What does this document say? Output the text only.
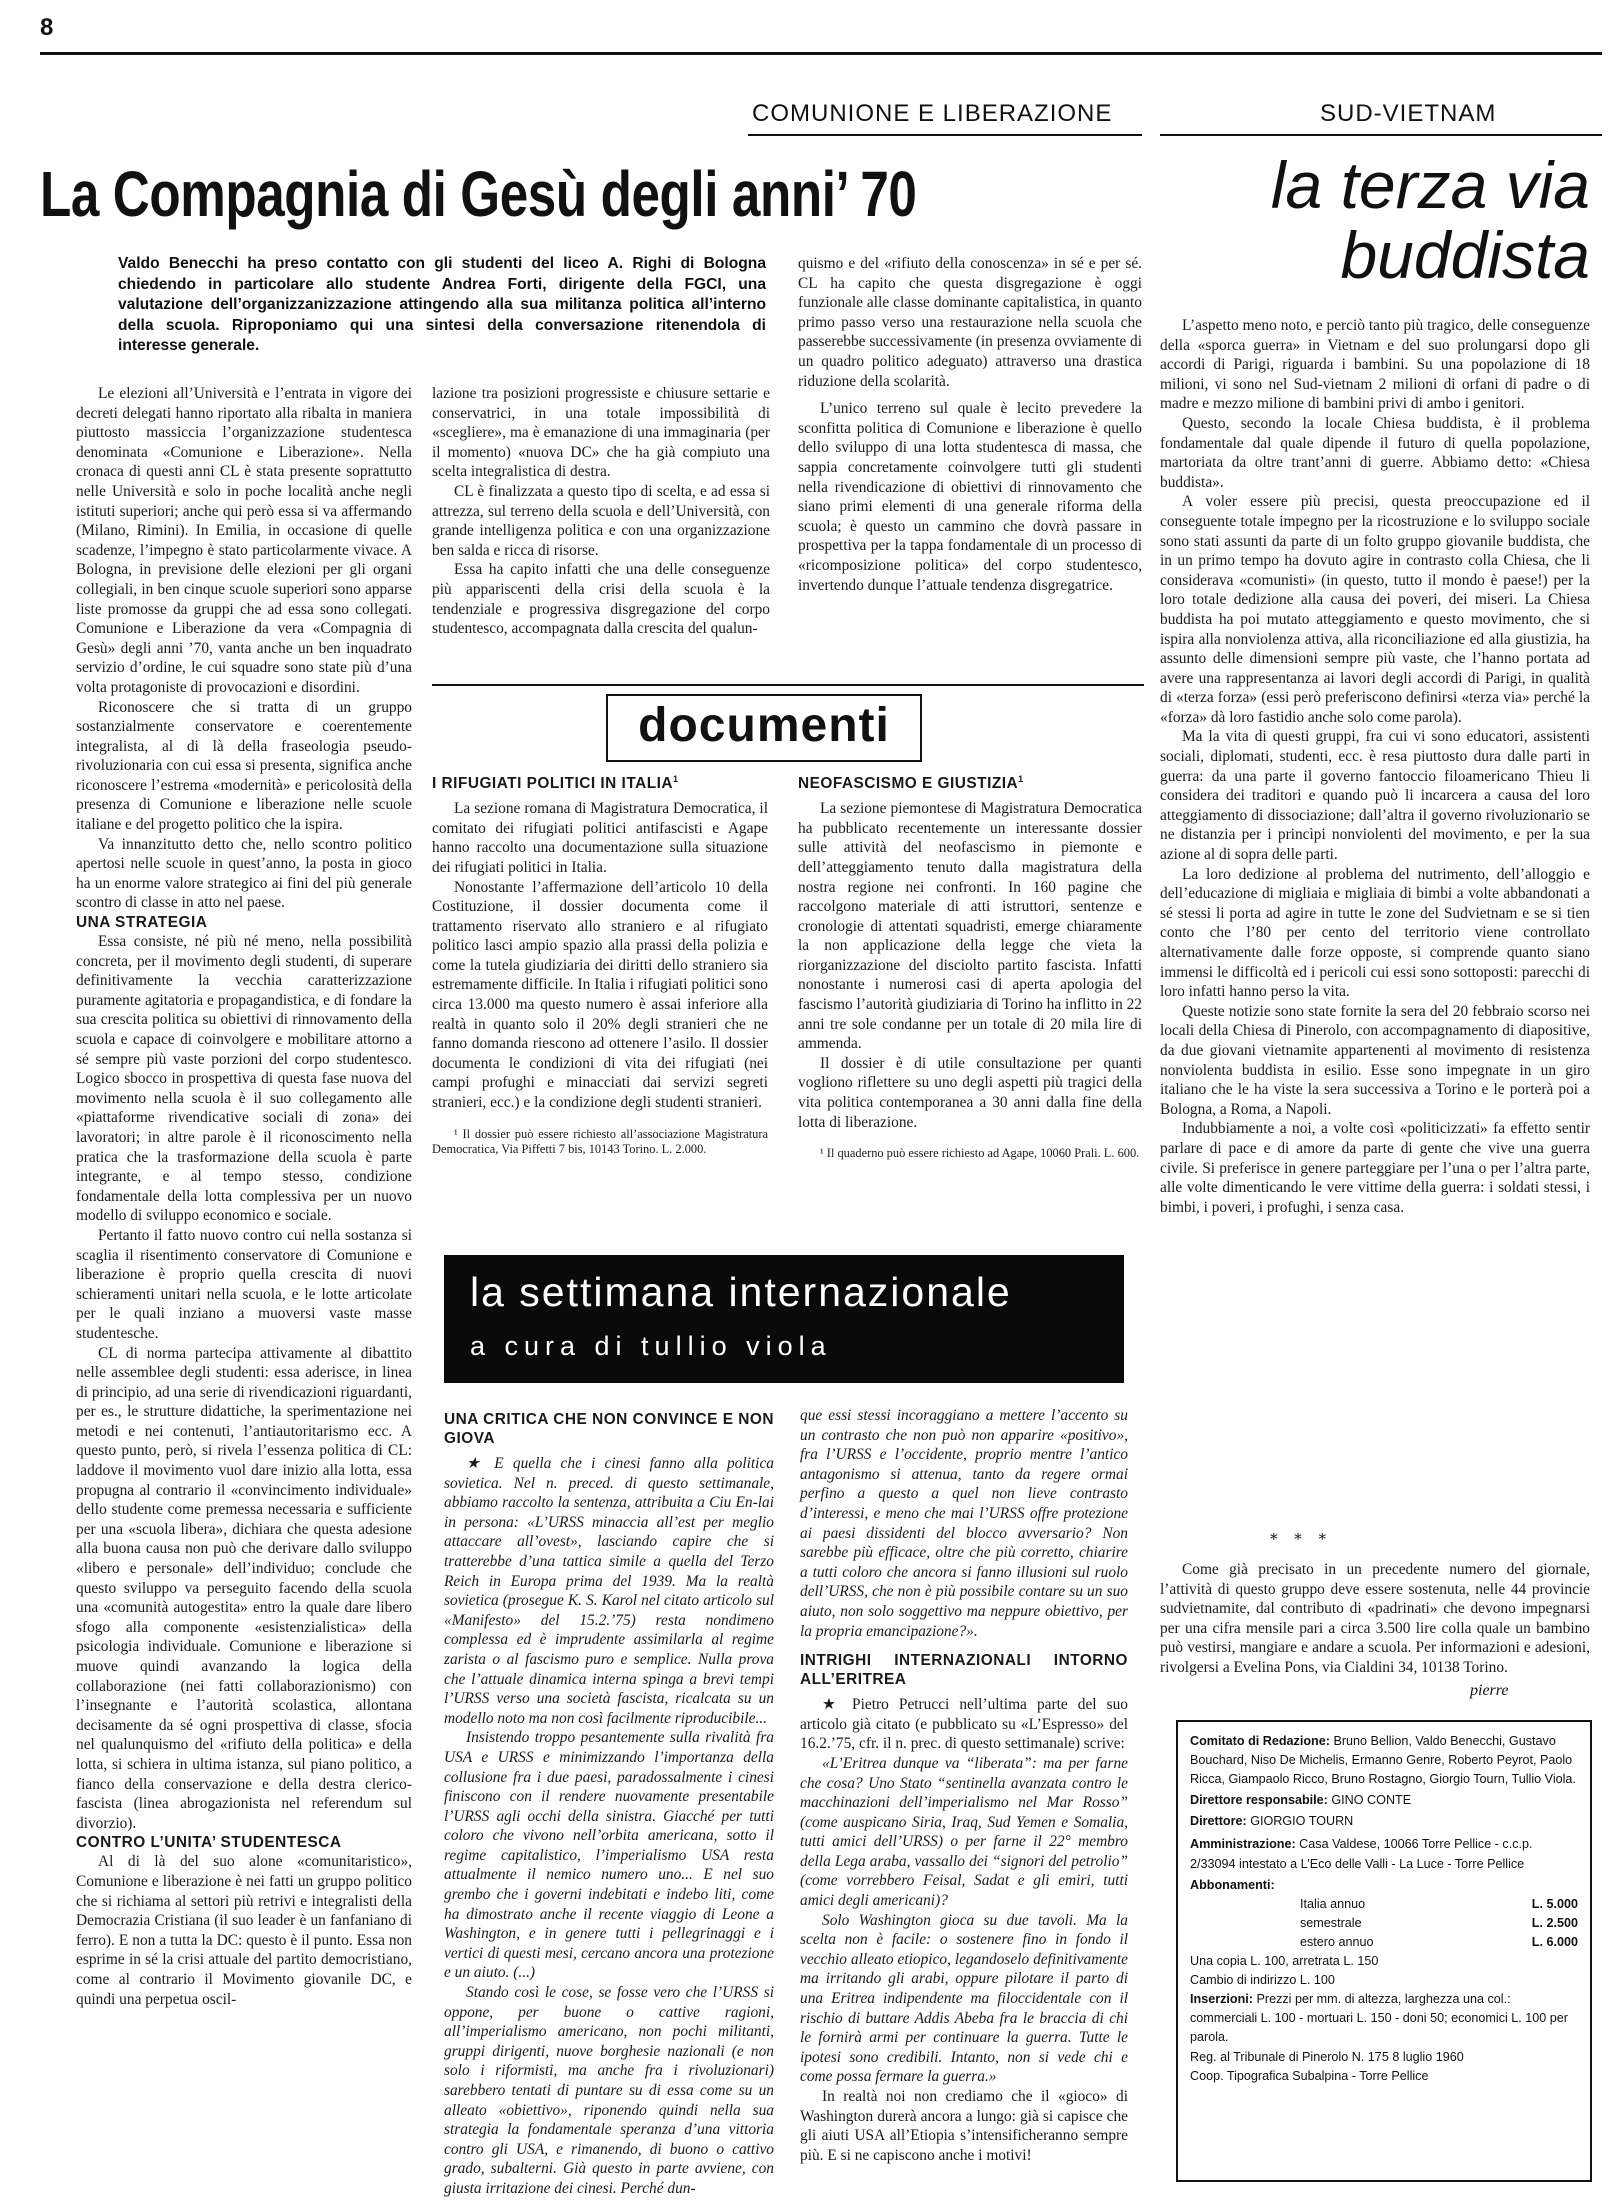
8
COMUNIONE E LIBERAZIONE	SUD-VIETNAM
La Compagnia di Gesù degli anni’ 70	la terza via
buddista
Valdo Benecchi ha preso contatto con gli studenti del liceo A. Righi di Bologna chiedendo in particolare allo studente Andrea Forti, dirigente della FGCI, una valutazione dell’organizzanizzazione attingendo alla sua militanza politica all’interno della scuola. Riproponiamo qui una sintesi della conversazione ritenendola di interesse generale.

Le elezioni all’Università e l’entrata in vigore dei decreti delegati hanno riportato alla ribalta in maniera piuttosto massiccia l’organizzazione studentesca denominata «Comunione e Liberazione». Nella cronaca di questi anni CL è stata presente soprattutto nelle Università e solo in poche località anche negli istituti superiori; anche qui però essa si va affermando (Milano, Rimini). In Emilia, in occasione di quelle scadenze, l’impegno è stato particolarmente vivace. A Bologna, in previsione delle elezioni per gli organi collegiali, in ben cinque scuole superiori sono apparse liste promosse da gruppi che ad essa sono collegati. Comunione e Liberazione da vera «Compagnia di Gesù» degli anni ’70, vanta anche un ben inquadrato servizio d’ordine, le cui squadre sono state più d’una volta protagoniste di provocazioni e disordini.

Riconoscere che si tratta di un gruppo sostanzialmente conservatore e coerentemente integralista, al di là della fraseologia pseudo-rivoluzionaria con cui essa si presenta, significa anche riconoscere l’estrema «modernità» e pericolosità della presenza di Comunione e liberazione nelle scuole italiane e del progetto politico che la ispira.

Va innanzitutto detto che, nello scontro politico apertosi nelle scuole in quest’anno, la posta in gioco ha un enorme valore strategico ai fini del più generale scontro di classe in atto nel paese.

UNA STRATEGIA

Essa consiste, né più né meno, nella possibilità concreta, per il movimento degli studenti, di superare definitivamente la vecchia caratterizzazione puramente agitatoria e propagandistica, e di fondare la sua crescita politica su obiettivi di rinnovamento della scuola e capace di coinvolgere e mobilitare attorno a sé sempre più vaste porzioni del corpo studentesco. Logico sbocco in prospettiva di questa fase nuova del movimento nella scuola è il suo collegamento alle «piattaforme rivendicative sociali di zona» dei lavoratori; in altre parole è il riconoscimento nella pratica che la trasformazione della scuola è parte integrante, e al tempo stesso, condizione fondamentale della lotta complessiva per un nuovo modello di sviluppo economico e sociale.

Pertanto il fatto nuovo contro cui nella sostanza si scaglia il risentimento conservatore di Comunione e liberazione è proprio quella crescita di nuovi schieramenti unitari nella scuola, e le lotte articolate per le quali inziano a muoversi vaste masse studentesche.

CL di norma partecipa attivamente al dibattito nelle assemblee degli studenti: essa aderisce, in linea di principio, ad una serie di rivendicazioni riguardanti, per es., le strutture didattiche, la sperimentazione nei metodi e nei contenuti, l’antiautoritarismo ecc. A questo punto, però, si rivela l’essenza politica di CL: laddove il movimento vuol dare inizio alla lotta, essa propugna al contrario il «convincimento individuale» dello studente come premessa necessaria e sufficiente per una «scuola libera», dichiara che questa adesione alla buona causa non può che derivare dallo sviluppo «libero e personale» dell’individuo; conclude che questo sviluppo va perseguito facendo della scuola una «comunità autogestita» entro la quale dare libero sfogo alla componente «esistenzialistica» della psicologia individuale. Comunione e liberazione si muove quindi avanzando la logica della collaborazione (nei fatti collaborazionismo) con l’insegnante e l’autorità scolastica, allontana decisamente da sé ogni prospettiva di classe, sfocia nel qualunquismo del «rifiuto della politica» e della lotta, si schiera in ultima istanza, sul piano politico, a fianco della conservazione e della destra clerico-fascista (linea abrogazionista nel referendum sul divorzio).

CONTRO L’UNITA’ STUDENTESCA

Al di là del suo alone «comunitaristico», Comunione e liberazione è nei fatti un gruppo politico che si richiama al settori più retrivi e integralisti della Democrazia Cristiana (il suo leader è un fanfaniano di ferro). E non a tutta la DC: questo è il punto. Essa non esprime in sé la crisi attuale del partito democristiano, come al contrario il Movimento giovanile DC, e quindi una perpetua oscil-

lazione tra posizioni progressiste e chiusure settarie e conservatrici, in una totale impossibilità di «scegliere», ma è emanazione di una immaginaria (per il momento) «nuova DC» che ha già compiuto una scelta integralistica di destra.

CL è finalizzata a questo tipo di scelta, e ad essa si attrezza, sul terreno della scuola e dell’Università, con grande intelligenza politica e con una organizzazione ben salda e ricca di risorse.

Essa ha capito infatti che una delle conseguenze più appariscenti della crisi della scuola è la tendenziale e progressiva disgregazione del corpo studentesco, accompagnata dalla crescita del qualun-

quismo e del «rifiuto della conoscenza» in sé e per sé. CL ha capito che questa disgregazione è oggi funzionale alle classe dominante capitalistica, in quanto primo passo verso una restaurazione nella scuola che passerebbe successivamente (in presenza ovviamente di un quadro politico adeguato) attraverso una drastica riduzione della scolarità.

L’unico terreno sul quale è lecito prevedere la sconfitta politica di Comunione e liberazione è quello dello sviluppo di una lotta studentesca di massa, che sappia concretamente coinvolgere tutti gli studenti nella rivendicazione di obiettivi di rinnovamento che siano primi elementi di una generale riforma della scuola; è questo un cammino che dovrà passare in prospettiva per la tappa fondamentale di un processo di «ricomposizione politica» del corpo studentesco, invertendo dunque l’attuale tendenza disgregatrice.

documenti

I RIFUGIATI POLITICI IN ITALIA$^1$

La sezione romana di Magistratura Democratica, il comitato dei rifugiati politici antifascisti e Agape hanno raccolto una documentazione sulla situazione dei rifugiati politici in Italia.

Nonostante l’affermazione dell’articolo 10 della Costituzione, il dossier documenta come il trattamento riservato allo straniero e al rifugiato politico lasci ampio spazio alla prassi della polizia e come la tutela giudiziaria dei diritti dello straniero sia estremamente difficile. In Italia i rifugiati politici sono circa 13.000 ma questo numero è assai inferiore alla realtà in quanto solo il 20% degli stranieri che ne fanno domanda riescono ad ottenere l’asilo. Il dossier documenta le condizioni di vita dei rifugiati (nei campi profughi e minacciati dai servizi segreti stranieri, ecc.) e la condizione degli studenti stranieri.

¹ Il dossier può essere richiesto all’associazione Magistratura Democratica, Via Piffetti 7 bis, 10143 Torino. L. 2.000.

NEOFASCISMO E GIUSTIZIA$^1$

La sezione piemontese di Magistratura Democratica ha pubblicato recentemente un interessante dossier sulle attività del neofascismo in piemonte e dell’atteggiamento tenuto dalla magistratura della nostra regione nei confronti. In 160 pagine che raccolgono materiale di atti istruttori, sentenze e cronologie di attentati squadristi, emerge chiaramente la non applicazione della legge che vieta la riorganizzazione del disciolto partito fascista. Infatti nonostante i numerosi casi di aperta apologia del fascismo l’autorità giudiziaria di Torino ha inflitto in 22 anni tre sole condanne per un totale di 20 mila lire di ammenda.

Il dossier è di utile consultazione per quanti vogliono riflettere su uno degli aspetti più tragici della vita politica contemporanea a 30 anni dalla fine della lotta di liberazione.

¹ Il quaderno può essere richiesto ad Agape, 10060 Prali. L. 600.

la settimana internazionale
a cura di tullio viola

UNA CRITICA CHE NON CONVINCE E NON GIOVA

★ E quella che i cinesi fanno alla politica sovietica. Nel n. preced. di questo settimanale, abbiamo raccolto la sentenza, attribuita a Ciu En-lai in persona: «L’URSS minaccia all’est per meglio attaccare all’ovest», lasciando capire che si tratterebbe d’una tattica simile a quella del Terzo Reich in Europa prima del 1939. Ma la realtà sovietica (prosegue K. S. Karol nel citato articolo sul «Manifesto» del 15.2.’75) resta nondimeno complessa ed è imprudente assimilarla al regime zarista o al fascismo puro e semplice. Nulla prova che l’attuale dinamica interna spinga a brevi tempi l’URSS verso una società fascista, ricalcata su un modello noto ma non così facilmente riproducibile...

Insistendo troppo pesantemente sulla rivalità fra USA e URSS e minimizzando l’importanza della collusione fra i due paesi, paradossalmente i cinesi finiscono con il rendere nuovamente presentabile l’URSS agli occhi della sinistra. Giacché per tutti coloro che vivono nell’orbita americana, sotto il regime capitalistico, l’imperialismo USA resta attualmente il nemico numero uno... E nel suo grembo che i governi indebitati e indebo liti, come ha dimostrato anche il recente viaggio di Leone a Washington, e in genere tutti i pellegrinaggi e i vertici di questi mesi, cercano ancora una protezione e un aiuto. (...)

Stando così le cose, se fosse vero che l’URSS si oppone, per buone o cattive ragioni, all’imperialismo americano, non pochi militanti, gruppi dirigenti, nuove borghesie nazionali (e non solo i riformisti, ma anche fra i rivoluzionari) sarebbero tentati di puntare su di essa come su un alleato «obiettivo», riponendo quindi nella sua strategia la fondamentale speranza d’una vittoria contro gli USA, e rimanendo, di buono o cattivo grado, subalterni. Già questo in parte avviene, con giusta irritazione dei cinesi. Perché dun-

que essi stessi incoraggiano a mettere l’accento su un contrasto che non può non apparire «positivo», fra l’URSS e l’occidente, proprio mentre l’antico antagonismo si attenua, tanto da regere ormai perfino a questo a quel non lieve contrasto d’interessi, e meno che mai l’URSS offre protezione ai paesi dissidenti del blocco avversario? Non sarebbe più efficace, oltre che più corretto, chiarire a tutti coloro che ancora si fanno illusioni sul ruolo dell’URSS, che non è più possibile contare su un suo aiuto, non solo soggettivo ma neppure obiettivo, per la propria emancipazione?».

INTRIGHI INTERNAZIONALI INTORNO ALL’ERITREA

★ Pietro Petrucci nell’ultima parte del suo articolo già citato (e pubblicato su «L’Espresso» del 16.2.’75, cfr. il n. prec. di questo settimanale) scrive:

«L’Eritrea dunque va “liberata”: ma per farne che cosa? Uno Stato “sentinella avanzata contro le macchinazioni dell’imperialismo nel Mar Rosso” (come auspicano Siria, Iraq, Sud Yemen e Somalia, tutti amici dell’URSS) o per farne il 22° membro della Lega araba, vassallo dei “signori del petrolio” (come vorrebbero Feisal, Sadat e gli emiri, tutti amici degli americani)?

Solo Washington gioca su due tavoli. Ma la scelta non è facile: o sostenere fino in fondo il vecchio alleato etiopico, legandoselo definitivamente ma irritando gli arabi, oppure pilotare il parto di una Eritrea indipendente ma filoccidentale con il rischio di buttare Addis Abeba fra le braccia di chi le fornirà armi per continuare la guerra. Tutte le ipotesi sono credibili. Intanto, non si vede chi e come possa fermare la guerra.»

In realtà noi non crediamo che il «gioco» di Washington durerà ancora a lungo: già si capisce che gli aiuti USA all’Etiopia s’intensificheranno sempre più. E si ne capiscono anche i motivi!

L’aspetto meno noto, e perciò tanto più tragico, delle conseguenze della «sporca guerra» in Vietnam e del suo prolungarsi dopo gli accordi di Parigi, riguarda i bambini. Su una popolazione di 18 milioni, vi sono nel Sud-vietnam 2 milioni di orfani di padre o di madre e mezzo milione di bambini privi di ambo i genitori.

Questo, secondo la locale Chiesa buddista, è il problema fondamentale dal quale dipende il futuro di quella popolazione, martoriata da oltre trant’anni di guerre. Abbiamo detto: «Chiesa buddista».

A voler essere più precisi, questa preoccupazione ed il conseguente totale impegno per la ricostruzione e lo sviluppo sociale sono stati assunti da parte di un folto gruppo giovanile buddista, che in un primo tempo ha dovuto agire in contrasto colla Chiesa, che li considerava «comunisti» (in questo, tutto il mondo è paese!) per la loro totale dedizione alla causa dei poveri, dei miseri. La Chiesa buddista ha poi mutato atteggiamento e questo movimento, che si ispira alla nonviolenza attiva, alla riconciliazione ed alla giustizia, ha assunto delle dimensioni sempre più vaste, che l’hanno portata ad avere una rappresentanza ai lavori degli accordi di Parigi, in qualità di «terza forza» (essi però preferiscono definirsi «terza via» perché la «forza» dà loro fastidio anche solo come parola).

Ma la vita di questi gruppi, fra cui vi sono educatori, assistenti sociali, diplomati, studenti, ecc. è resa piuttosto dura dalle parti in guerra: da una parte il governo fantoccio filoamericano Thieu li considera dei traditori e quando può li incarcera a causa del loro atteggiamento di dissociazione; dall’altra il governo rivoluzionario se ne distanzia per i princìpi nonviolenti del movimento, e per la sua azione al di sopra delle parti.

La loro dedizione al problema del nutrimento, dell’alloggio e dell’educazione di migliaia e migliaia di bimbi a volte abbandonati a sé stessi li porta ad agire in tutte le zone del Sudvietnam e se si tien conto che l’80 per cento del territorio viene controllato alternativamente dalle forze opposte, si comprende quanto siano immensi le difficoltà ed i pericoli cui essi sono sottoposti: parecchi di loro infatti hanno perso la vita.

Queste notizie sono state fornite la sera del 20 febbraio scorso nei locali della Chiesa di Pinerolo, con accompagnamento di diapositive, da due giovani vietnamite appartenenti al movimento di resistenza nonviolenta buddista in esilio. Esse sono impegnate in un giro italiano che le ha viste la sera successiva a Torino e le porterà poi a Bologna, a Roma, a Napoli.

Indubbiamente a noi, a volte così «politicizzati» fa effetto sentir parlare di pace e di amore da parte di gente che vive una guerra civile. Si preferisce in genere parteggiare per l’una o per l’altra parte, alle volte dimenticando le vere vittime della guerra: i soldati stessi, i bimbi, i poveri, i profughi, i senza casa.

* * *

Come già precisato in un precedente numero del giornale, l’attività di questo gruppo deve essere sostenuta, nelle 44 provincie sudvietnamite, dal contributo di «padrinati» che devono impegnarsi per una cifra mensile pari a circa 3.500 lire colla quale un bambino può vestirsi, mangiare e andare a scuola. Per informazioni e adesioni, rivolgersi a Evelina Pons, via Cialdini 34, 10138 Torino.

pierre
Comitato di Redazione: Bruno Bellion, Valdo Benecchi, Gustavo Bouchard, Niso De Michelis, Ermanno Genre, Roberto Peyrot, Paolo Ricca, Giampaolo Ricco, Bruno Rostagno, Giorgio Tourn, Tullio Viola.
Direttore responsabile: GINO CONTE
Direttore: GIORGIO TOURN
Amministrazione: Casa Valdese, 10066 Torre Pellice - c.c.p. 2/33094 intestato a L’Eco delle Valli - La Luce - Torre Pellice
Abbonamenti:
Italia annuo	L. 5.000
semestrale	L. 2.500
estero annuo	L. 6.000
Una copia L. 100, arretrata L. 150
Cambio di indirizzo L. 100
Inserzioni: Prezzi per mm. di altezza, larghezza una col.: commerciali L. 100 - mortuari L. 150 - doni 50; economici L. 100 per parola.
Reg. al Tribunale di Pinerolo N. 175 8 luglio 1960
Coop. Tipografica Subalpina - Torre Pellice
